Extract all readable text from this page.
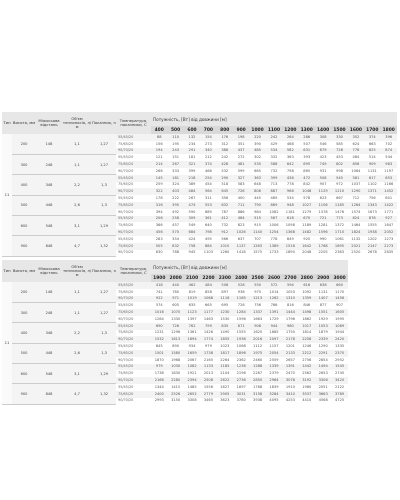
Тип	Висота, мм	Міжосьова відстань	Об'єм теплоносія, л/м	Показник, n	Температура, показники, С	Потужність, [Вт] від довжини [м]														
						400	500	600	700	800	900	1000	1100	1200	1300	1400	1500	1600	1700	1800
11	200	148	1,1	1,27	55/45/20	88	110	132	154	176	198	220	242	264	286	308	330	352	374	396
					75/65/20	156	195	234	273	312	351	390	429	468	507	546	585	624	663	702
					90/70/20	194	243	291	340	388	437	485	534	582	631	679	728	776	825	874
	300	248	1,1	1,27	55/45/20	121	151	181	212	242	272	302	332	363	393	423	453	484	514	544
					75/65/20	214	267	321	374	428	481	535	588	642	695	749	802	856	909	963
					90/70/20	266	333	399	466	532	599	665	732	798	865	931	998	1064	1131	1197
	400	348	2,2	1,3	55/45/20	145	181	218	254	290	327	363	399	436	472	508	545	581	617	653
					75/65/20	259	324	389	454	518	583	648	713	778	842	907	972	1037	1102	1166
					90/70/20	322	403	484	564	645	726	806	887	968	1048	1129	1210	1290	1371	1452
	500	448	2,6	1,3	55/45/20	178	222	267	311	356	400	445	489	534	578	623	667	712	756	801
					75/65/20	316	395	474	553	632	711	790	869	948	1027	1106	1185	1264	1343	1422
					90/70/20	394	492	590	689	787	886	984	1082	1181	1279	1378	1476	1574	1673	1771
	600	548	3,1	1,29	55/45/20	206	258	309	361	412	464	515	567	618	670	721	773	824	876	927
					75/65/20	366	457	549	640	732	823	915	1006	1098	1189	1281	1372	1464	1555	1647
					90/70/20	456	570	684	798	912	1026	1140	1254	1368	1482	1596	1710	1824	1938	2052
	900	848	4,7	1,32	55/45/20	283	354	424	495	566	637	707	778	849	920	990	1061	1132	1202	1273
					75/65/20	505	632	758	884	1010	1137	1263	1389	1516	1642	1768	1895	2021	2147	2273
					90/70/20	630	788	945	1103	1260	1418	1575	1733	1890	2048	2205	2363	2520	2678	2835
Тип	Висота, мм	Міжосьова відстань	Об'єм теплоносія, л/м	Показник, n	Температура, показники, С	Потужність, [Вт] від довжини [м]												
						1900	2000	2100	2200	2300	2400	2500	2600	2700	2800	2900	3000	
11	200	148	1,1	1,27	55/45/20	418	440	462	484	506	528	550	572	594	616	638	660	
					75/65/20	741	780	819	858	897	936	975	1014	1053	1092	1131	1170	
					90/70/20	922	971	1019	1068	1116	1165	1213	1262	1310	1359	1407	1456	
	300	248	1,1	1,27	55/45/20	574	605	635	665	695	726	756	786	816	846	877	907	
					75/65/20	1016	1070	1123	1177	1230	1284	1337	1391	1444	1498	1551	1605	
					90/70/20	1264	1330	1397	1463	1530	1596	1663	1729	1796	1862	1929	1995	
	400	348	2,2	1,3	55/45/20	690	726	762	799	835	871	908	944	980	1017	1053	1089	
					75/65/20	1231	1296	1361	1426	1490	1555	1620	1685	1750	1814	1879	1944	
					90/70/20	1532	1613	1694	1774	1855	1936	2016	2097	2178	2258	2339	2420	
	500	448	2,6	1,3	55/45/20	845	890	934	979	1023	1068	1112	1157	1201	1246	1290	1335	
					75/65/20	1501	1580	1659	1738	1817	1896	1975	2054	2133	2212	2291	2370	
					90/70/20	1870	1968	2067	2165	2264	2362	2460	2559	2657	2756	2854	2952	
	600	548	3,1	1,29	55/45/20	979	1030	1082	1133	1185	1236	1288	1339	1391	1442	1494	1545	
					75/65/20	1738	1830	1921	2013	2104	2196	2287	2379	2470	2562	2653	2745	
					90/70/20	2166	2280	2394	2508	2622	2736	2850	2964	3078	3192	3306	3420	
	900	848	4,7	1,32	55/45/20	1344	1415	1485	1556	1627	1697	1768	1839	1910	1980	2051	2122	
					75/65/20	2400	2526	2652	2779	2905	3031	3158	3284	3410	3537	3663	3789	
					90/70/20	2993	3150	3308	3465	3623	3780	3938	4095	4253	4410	4568	4725	
